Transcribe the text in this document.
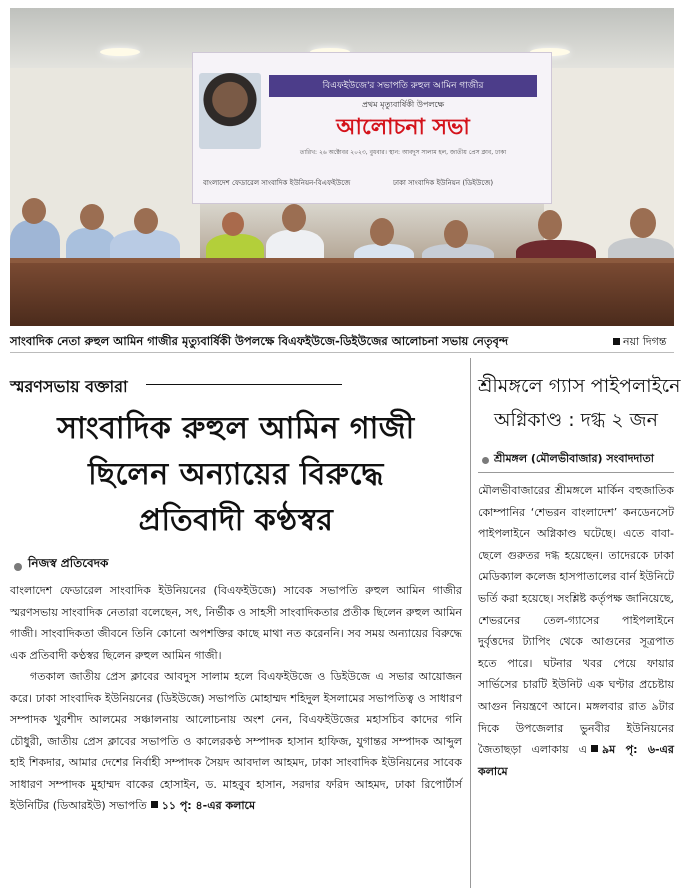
বিএফইউজে'র সভাপতি রুহুল আমিন গাজীর
প্রথম মৃত্যুবার্ষিকী উপলক্ষে
আলোচনা সভা
তারিখ: ২৬ অক্টোবর ২০২৩, বুধবার। স্থান: আবদুস সালাম হল, জাতীয় প্রেস ক্লাব, ঢাকা
বাংলাদেশ ফেডারেল সাংবাদিক ইউনিয়ন-বিএফইউজে	ঢাকা সাংবাদিক ইউনিয়ন (ডিইউজে)
সাংবাদিক নেতা রুহুল আমিন গাজীর মৃত্যুবার্ষিকী উপলক্ষে বিএফইউজে-ডিইউজের আলোচনা সভায় নেতৃবৃন্দ	নয়া দিগন্ত
স্মরণসভায় বক্তারা
সাংবাদিক রুহুল আমিন গাজী
ছিলেন অন্যায়ের বিরুদ্ধে
প্রতিবাদী কণ্ঠস্বর
নিজস্ব প্রতিবেদক

বাংলাদেশ ফেডারেল সাংবাদিক ইউনিয়নের (বিএফইউজে) সাবেক সভাপতি রুহুল আমিন গাজীর স্মরণসভায় সাংবাদিক নেতারা বলেছেন, সৎ, নির্ভীক ও সাহসী সাংবাদিকতার প্রতীক ছিলেন রুহুল আমিন গাজী। সাংবাদিকতা জীবনে তিনি কোনো অপশক্তির কাছে মাথা নত করেননি। সব সময় অন্যায়ের বিরুদ্ধে এক প্রতিবাদী কণ্ঠস্বর ছিলেন রুহুল আমিন গাজী।

গতকাল জাতীয় প্রেস ক্লাবের আবদুস সালাম হলে বিএফইউজে ও ডিইউজে এ সভার আয়োজন করে। ঢাকা সাংবাদিক ইউনিয়নের (ডিইউজে) সভাপতি মোহাম্মদ শহিদুল ইসলামের সভাপতিত্ব ও সাধারণ সম্পাদক খুরশীদ আলমের সঞ্চালনায় আলোচনায় অংশ নেন, বিএফইউজের মহাসচিব কাদের গনি চৌধুরী, জাতীয় প্রেস ক্লাবের সভাপতি ও কালেরকণ্ঠ সম্পাদক হাসান হাফিজ, যুগান্তর সম্পাদক আব্দুল হাই শিকদার, আমার দেশের নির্বাহী সম্পাদক সৈয়দ আবদাল আহমদ, ঢাকা সাংবাদিক ইউনিয়নের সাবেক সাধারণ সম্পাদক মুহাম্মদ বাকের হোসাইন, ড. মাহবুব হাসান, সরদার ফরিদ আহমদ, ঢাকা রিপোর্টার্স ইউনিটির (ডিআরইউ) সভাপতি ১১ পৃ: ৪-এর কলামে

শ্রীমঙ্গলে গ্যাস পাইপলাইনে
অগ্নিকাণ্ড : দগ্ধ ২ জন
শ্রীমঙ্গল (মৌলভীবাজার) সংবাদদাতা

মৌলভীবাজারের শ্রীমঙ্গলে মার্কিন বহুজাতিক কোম্পানির ‘শেভরন বাংলাদেশ’ কনডেনসেট পাইপলাইনে অগ্নিকাণ্ড ঘটেছে। এতে বাবা-ছেলে গুরুতর দগ্ধ হয়েছেন। তাদেরকে ঢাকা মেডিক্যাল কলেজ হাসপাতালের বার্ন ইউনিটে ভর্তি করা হয়েছে। সংশ্লিষ্ট কর্তৃপক্ষ জানিয়েছে, শেভরনের তেল-গ্যাসের পাইপলাইনে দুর্বৃত্তদের ট্যাপিং থেকে আগুনের সূত্রপাত হতে পারে। ঘটনার খবর পেয়ে ফায়ার সার্ভিসের চারটি ইউনিট এক ঘণ্টার প্রচেষ্টায় আগুন নিয়ন্ত্রণে আনে। মঙ্গলবার রাত ৯টার দিকে উপজেলার ভুনবীর ইউনিয়নের জৈতাছড়া এলাকায় এ ৯ম পৃ: ৬-এর কলামে
